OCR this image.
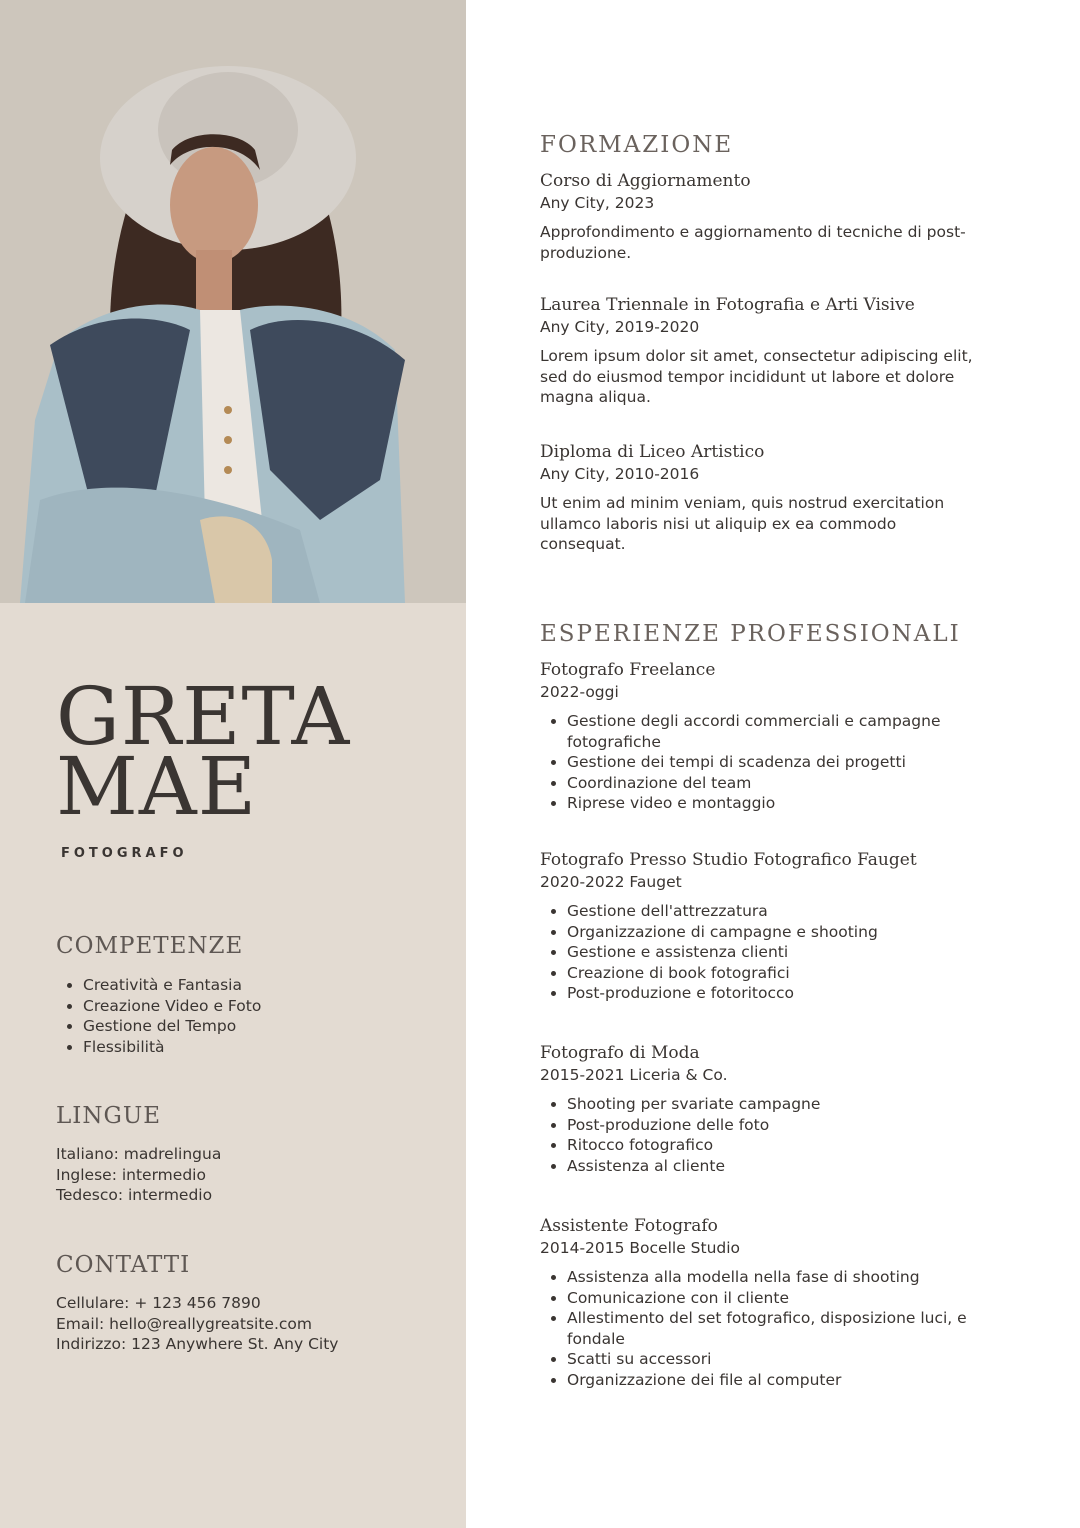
GRETA
MAE
FOTOGRAFO
COMPETENZE
• Creatività e Fantasia
• Creazione Video e Foto
• Gestione del Tempo
• Flessibilità
LINGUE
Italiano: madrelingua
Inglese: intermedio
Tedesco: intermedio
CONTATTI
Cellulare: + 123 456 7890
Email: hello@reallygreatsite.com
Indirizzo: 123 Anywhere St. Any City
FORMAZIONE
Corso di Aggiornamento
Any City, 2023
Approfondimento e aggiornamento di tecniche di post-produzione.
Laurea Triennale in Fotografia e Arti Visive
Any City, 2019-2020
Lorem ipsum dolor sit amet, consectetur adipiscing elit, sed do eiusmod tempor incididunt ut labore et dolore magna aliqua.
Diploma di Liceo Artistico
Any City, 2010-2016
Ut enim ad minim veniam, quis nostrud exercitation ullamco laboris nisi ut aliquip ex ea commodo consequat.
ESPERIENZE PROFESSIONALI
Fotografo Freelance
2022-oggi
• Gestione degli accordi commerciali e campagne fotografiche
• Gestione dei tempi di scadenza dei progetti
• Coordinazione del team
• Riprese video e montaggio
Fotografo Presso Studio Fotografico Fauget
2020-2022 Fauget
• Gestione dell'attrezzatura
• Organizzazione di campagne e shooting
• Gestione e assistenza clienti
• Creazione di book fotografici
• Post-produzione e fotoritocco
Fotografo di Moda
2015-2021 Liceria & Co.
• Shooting per svariate campagne
• Post-produzione delle foto
• Ritocco fotografico
• Assistenza al cliente
Assistente Fotografo
2014-2015 Bocelle Studio
• Assistenza alla modella nella fase di shooting
• Comunicazione con il cliente
• Allestimento del set fotografico, disposizione luci, e fondale
• Scatti su accessori
• Organizzazione dei file al computer
